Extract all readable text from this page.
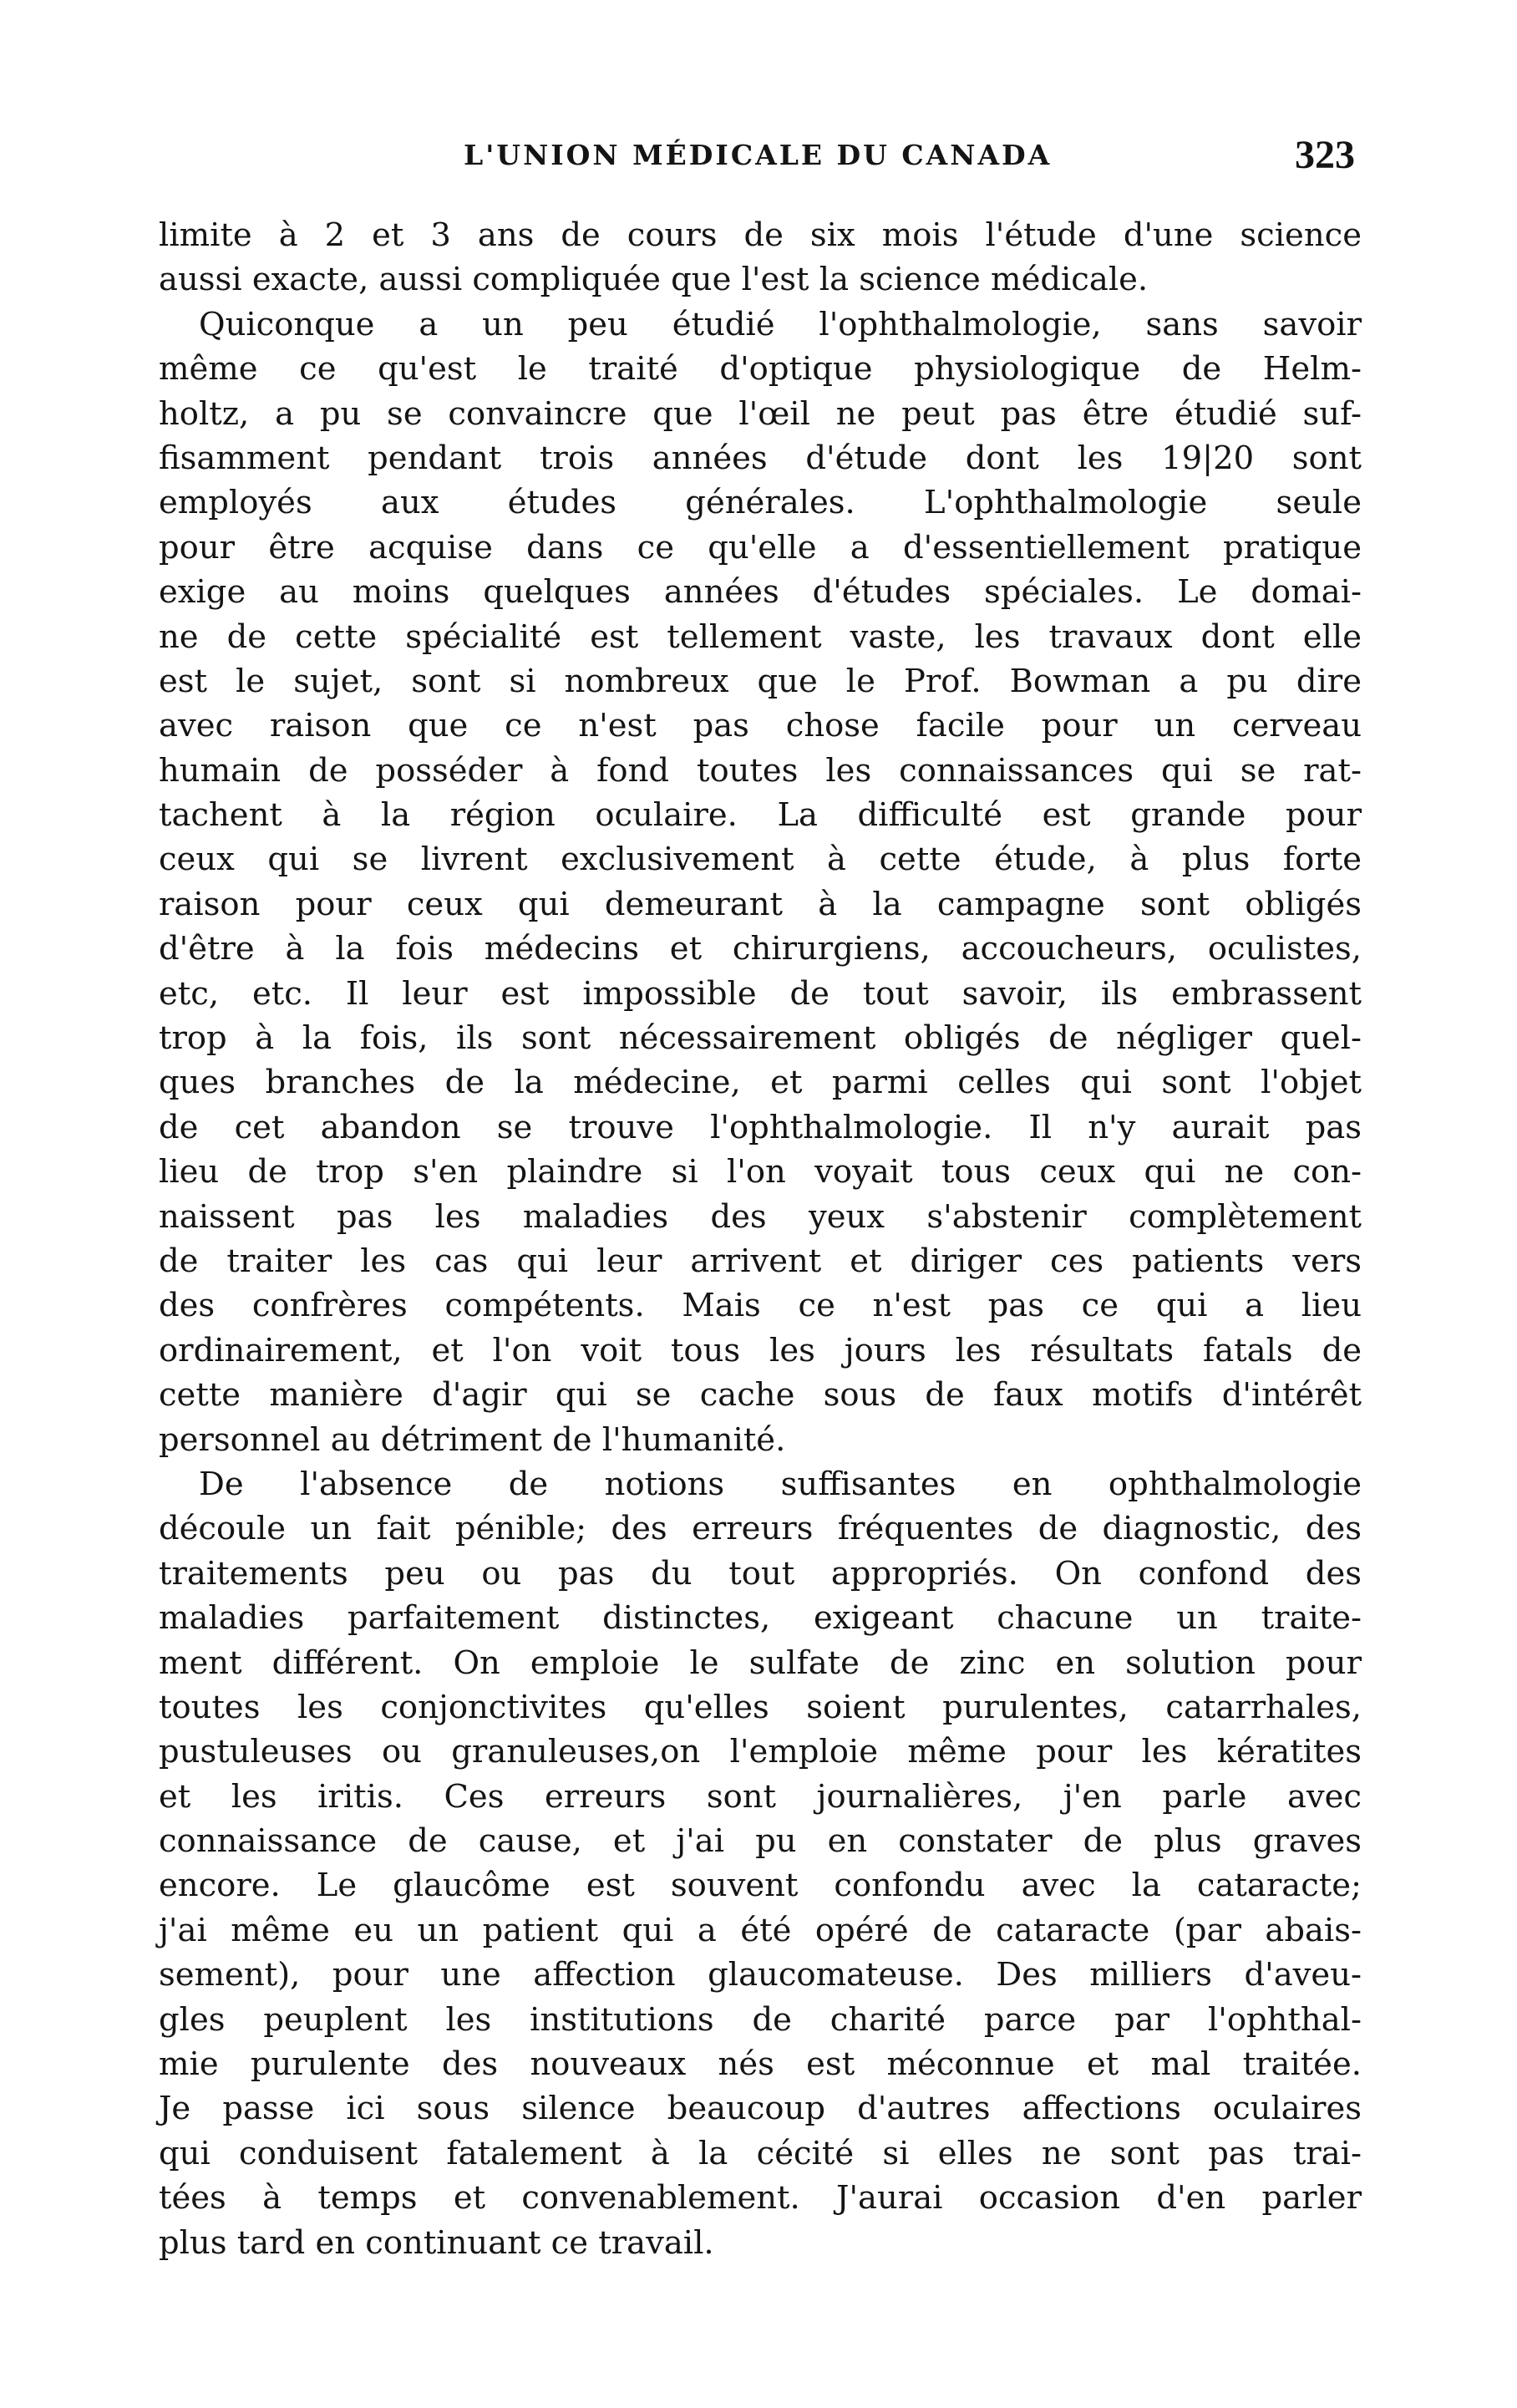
L'UNION MÉDICALE DU CANADA	323
limite à 2 et 3 ans de cours de six mois l'étude d'une science
aussi exacte, aussi compliquée que l'est la science médicale.
Quiconque a un peu étudié l'ophthalmologie, sans savoir
même ce qu'est le traité d'optique physiologique de Helm-
holtz, a pu se convaincre que l'œil ne peut pas être étudié suf-
fisamment pendant trois années d'étude dont les 19|20 sont
employés aux études générales. L'ophthalmologie seule
pour être acquise dans ce qu'elle a d'essentiellement pratique
exige au moins quelques années d'études spéciales. Le domai-
ne de cette spécialité est tellement vaste, les travaux dont elle
est le sujet, sont si nombreux que le Prof. Bowman a pu dire
avec raison que ce n'est pas chose facile pour un cerveau
humain de posséder à fond toutes les connaissances qui se rat-
tachent à la région oculaire. La difficulté est grande pour
ceux qui se livrent exclusivement à cette étude, à plus forte
raison pour ceux qui demeurant à la campagne sont obligés
d'être à la fois médecins et chirurgiens, accoucheurs, oculistes,
etc, etc. Il leur est impossible de tout savoir, ils embrassent
trop à la fois, ils sont nécessairement obligés de négliger quel-
ques branches de la médecine, et parmi celles qui sont l'objet
de cet abandon se trouve l'ophthalmologie. Il n'y aurait pas
lieu de trop s'en plaindre si l'on voyait tous ceux qui ne con-
naissent pas les maladies des yeux s'abstenir complètement
de traiter les cas qui leur arrivent et diriger ces patients vers
des confrères compétents. Mais ce n'est pas ce qui a lieu
ordinairement, et l'on voit tous les jours les résultats fatals de
cette manière d'agir qui se cache sous de faux motifs d'intérêt
personnel au détriment de l'humanité.
De l'absence de notions suffisantes en ophthalmologie
découle un fait pénible; des erreurs fréquentes de diagnostic, des
traitements peu ou pas du tout appropriés. On confond des
maladies parfaitement distinctes, exigeant chacune un traite-
ment différent. On emploie le sulfate de zinc en solution pour
toutes les conjonctivites qu'elles soient purulentes, catarrhales,
pustuleuses ou granuleuses,on l'emploie même pour les kératites
et les iritis. Ces erreurs sont journalières, j'en parle avec
connaissance de cause, et j'ai pu en constater de plus graves
encore. Le glaucôme est souvent confondu avec la cataracte;
j'ai même eu un patient qui a été opéré de cataracte (par abais-
sement), pour une affection glaucomateuse. Des milliers d'aveu-
gles peuplent les institutions de charité parce par l'ophthal-
mie purulente des nouveaux nés est méconnue et mal traitée.
Je passe ici sous silence beaucoup d'autres affections oculaires
qui conduisent fatalement à la cécité si elles ne sont pas trai-
tées à temps et convenablement. J'aurai occasion d'en parler
plus tard en continuant ce travail.
